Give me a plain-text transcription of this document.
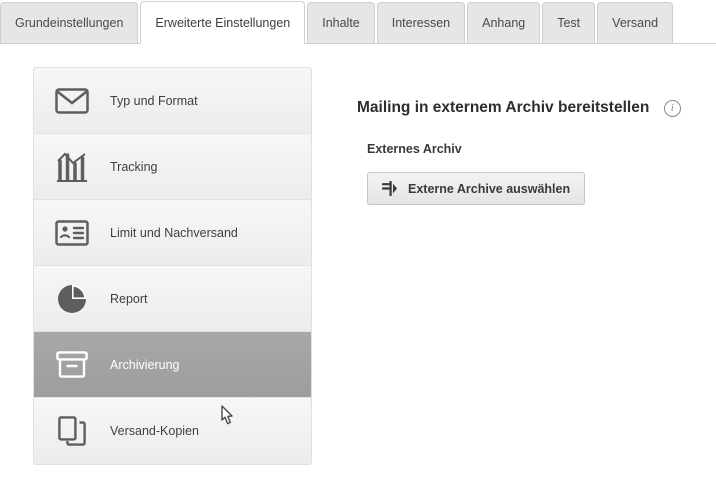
Grundeinstellungen	Erweiterte Einstellungen	Inhalte	Interessen	Anhang	Test	Versand
Typ und Format
Tracking
Limit und Nachversand
Report
Archivierung
Versand-Kopien
Mailing in externem Archiv bereitstellen i
Externes Archiv
Externe Archive auswählen
